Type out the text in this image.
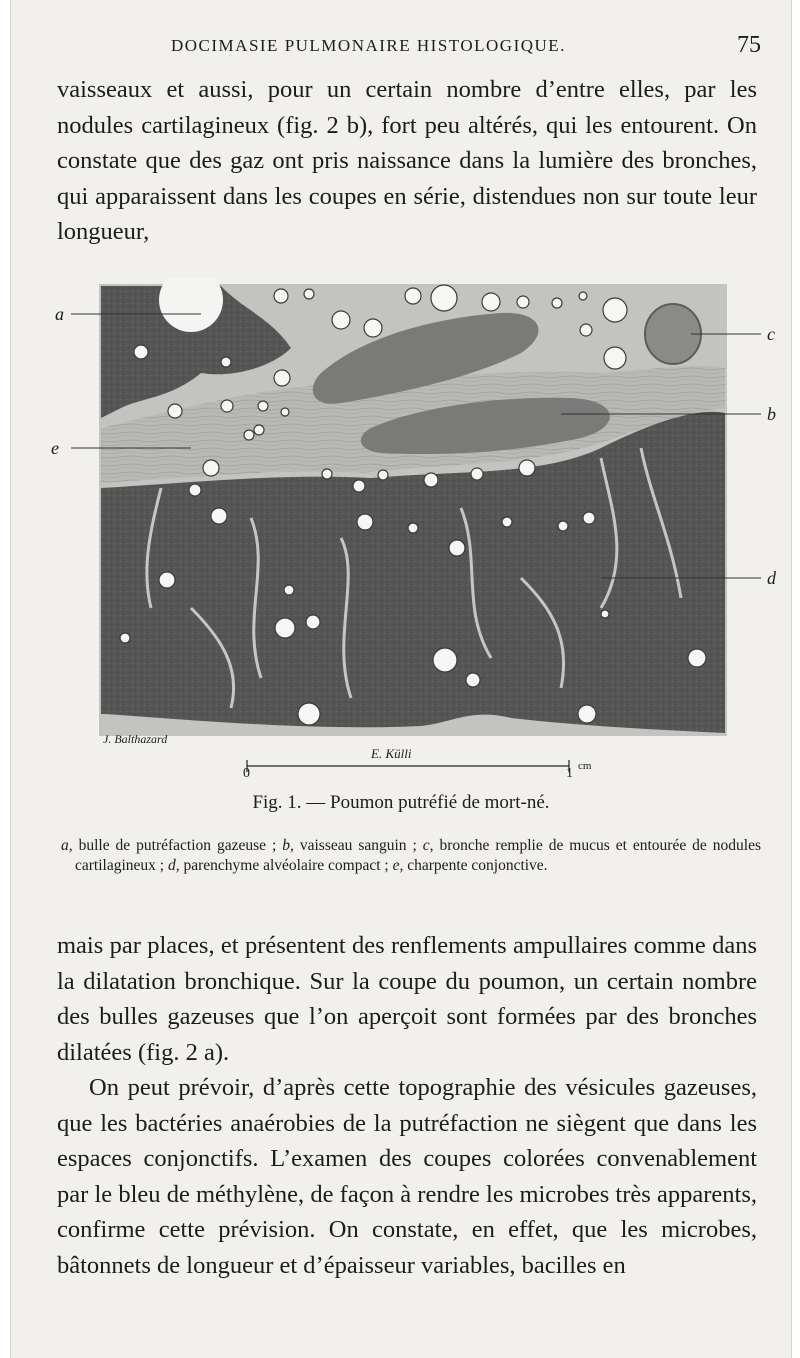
DOCIMASIE PULMONAIRE HISTOLOGIQUE.	75

vaisseaux et aussi, pour un certain nombre d’entre elles, par les nodules cartilagineux (fig. 2 b), fort peu altérés, qui les entourent. On constate que des gaz ont pris naissance dans la lumière des bronches, qui apparaissent dans les coupes en série, distendues non sur toute leur longueur,

a
c
b
e
d
J. Balthazard
E. Külli
0	1 cm
Fig. 1. — Poumon putréfié de mort-né.

a, bulle de putréfaction gazeuse ; b, vaisseau sanguin ; c, bronche remplie de mucus et entourée de nodules cartilagineux ; d, parenchyme alvéolaire compact ; e, charpente conjonctive.

mais par places, et présentent des renflements ampullaires comme dans la dilatation bronchique. Sur la coupe du poumon, un certain nombre des bulles gazeuses que l’on aperçoit sont formées par des bronches dilatées (fig. 2 a).

On peut prévoir, d’après cette topographie des vésicules gazeuses, que les bactéries anaérobies de la putréfaction ne siègent que dans les espaces conjonctifs. L’examen des coupes colorées convenablement par le bleu de méthylène, de façon à rendre les microbes très apparents, confirme cette prévision. On constate, en effet, que les microbes, bâtonnets de longueur et d’épaisseur variables, bacilles en
